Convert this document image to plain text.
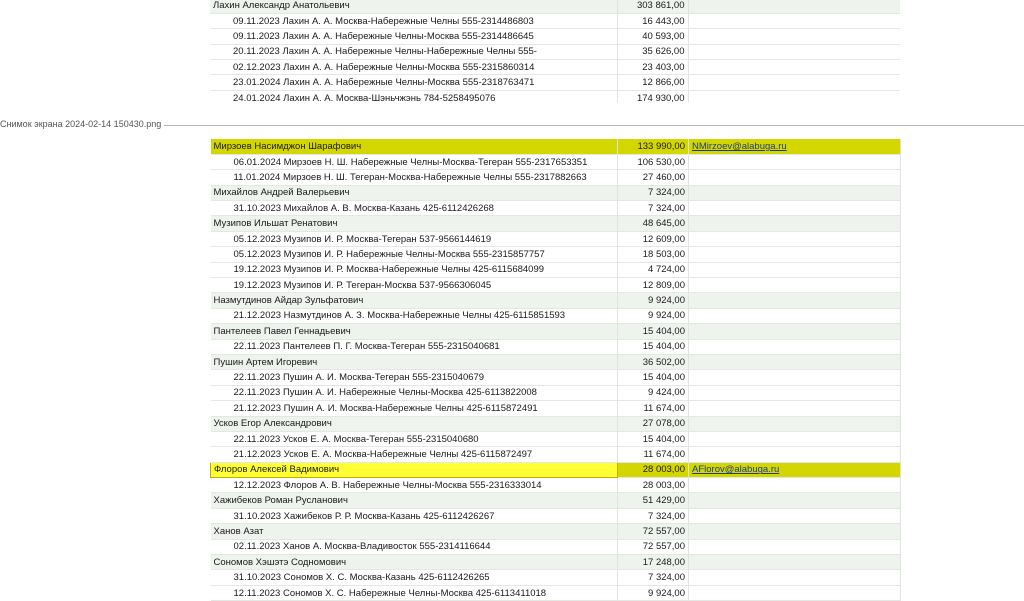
Лахин Александр Анатольевич	303 861,00	
09.11.2023 Лахин А. А. Москва-Набережные Челны 555-2314486803	16 443,00	
09.11.2023 Лахин А. А. Набережные Челны-Москва 555-2314486645	40 593,00	
20.11.2023 Лахин А. А. Набережные Челны-Набережные Челны 555-	35 626,00	
02.12.2023 Лахин А. А. Набережные Челны-Москва 555-2315860314	23 403,00	
23.01.2024 Лахин А. А. Набережные Челны-Москва 555-2318763471	12 866,00	
24.01.2024 Лахин А. А. Москва-Шэньчжэнь 784-5258495076	174 930,00	
Снимок экрана 2024-02-14 150430.png
Мирзоев Насимджон Шарафович	133 990,00	NMirzoev@alabuga.ru
06.01.2024 Мирзоев Н. Ш. Набережные Челны-Москва-Тегеран 555-2317653351	106 530,00	
11.01.2024 Мирзоев Н. Ш. Тегеран-Москва-Набережные Челны 555-2317882663	27 460,00	
Михайлов Андрей Валерьевич	7 324,00	
31.10.2023 Михайлов А. В. Москва-Казань 425-6112426268	7 324,00	
Музипов Ильшат Ренатович	48 645,00	
05.12.2023 Музипов И. Р. Москва-Тегеран 537-9566144619	12 609,00	
05.12.2023 Музипов И. Р. Набережные Челны-Москва 555-2315857757	18 503,00	
19.12.2023 Музипов И. Р. Москва-Набережные Челны 425-6115684099	4 724,00	
19.12.2023 Музипов И. Р. Тегеран-Москва 537-9566306045	12 809,00	
Назмутдинов Айдар Зульфатович	9 924,00	
21.12.2023 Назмутдинов А. З. Москва-Набережные Челны 425-6115851593	9 924,00	
Пантелеев Павел Геннадьевич	15 404,00	
22.11.2023 Пантелеев П. Г. Москва-Тегеран 555-2315040681	15 404,00	
Пушин Артем Игоревич	36 502,00	
22.11.2023 Пушин А. И. Москва-Тегеран 555-2315040679	15 404,00	
22.11.2023 Пушин А. И. Набережные Челны-Москва 425-6113822008	9 424,00	
21.12.2023 Пушин А. И. Москва-Набережные Челны 425-6115872491	11 674,00	
Усков Егор Александрович	27 078,00	
22.11.2023 Усков Е. А. Москва-Тегеран 555-2315040680	15 404,00	
21.12.2023 Усков Е. А. Москва-Набережные Челны 425-6115872497	11 674,00	
Флоров Алексей Вадимович	28 003,00	AFlorov@alabuga.ru
12.12.2023 Флоров А. В. Набережные Челны-Москва 555-2316333014	28 003,00	
Хажибеков Роман Русланович	51 429,00	
31.10.2023 Хажибеков Р. Р. Москва-Казань 425-6112426267	7 324,00	
Ханов Азат	72 557,00	
02.11.2023 Ханов А. Москва-Владивосток 555-2314116644	72 557,00	
Сономов Хэшэтэ Содномович	17 248,00	
31.10.2023 Сономов Х. С. Москва-Казань 425-6112426265	7 324,00	
12.11.2023 Сономов Х. С. Набережные Челны-Москва 425-6113411018	9 924,00	
